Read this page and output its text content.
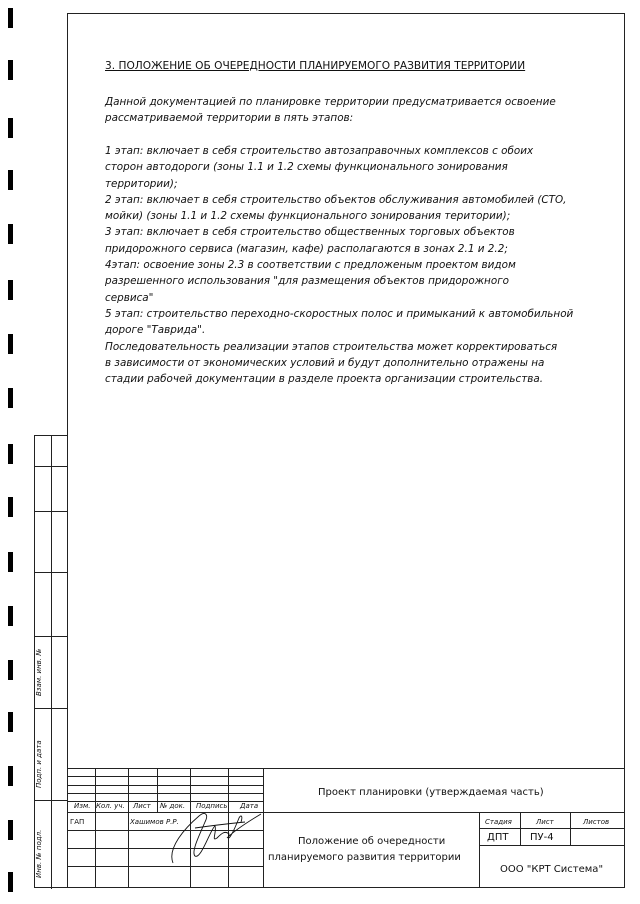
Взам. инв. №
Подп. и дата
Инв. № подл.
3. ПОЛОЖЕНИЕ ОБ ОЧЕРЕДНОСТИ ПЛАНИРУЕМОГО РАЗВИТИЯ ТЕРРИТОРИИ
Данной документацией по планировке территории предусматривается освоение
рассматриваемой территории в пять этапов:
1 этап: включает в себя строительство автозаправочных комплексов с обоих
сторон автодороги (зоны 1.1 и 1.2 схемы функционального зонирования
территории);
2 этап: включает в себя строительство объектов обслуживания автомобилей (СТО,
мойки) (зоны 1.1 и 1.2 схемы функционального зонирования територии);
3 этап: включает в себя строительство общественных торговых объектов
придорожного сервиса (магазин, кафе) располагаются в зонах 2.1 и 2.2;
4этап: освоение зоны 2.3 в соответствии с предложеным проектом видом
разрешенного использования "для размещения объектов придорожного
сервиса"
5 этап: строительство переходно-скоростных полос и примыканий к автомобильной
дороге "Таврида".
Последовательность реализации этапов строительства может корректироваться
в зависимости от экономических условий и будут дополнительно отражены на
стадии рабочей документации в разделе проекта организации строительства.
Изм. Кол. уч. Лист № док. Подпись Дата
ГАП	Хашимов Р.Р.
Проект планировки (утверждаемая часть)
Положение об очередности
планируемого развития территории
Стадия	Лист	Листов
ДПТ ПУ-4
ООО "КРТ Система"
